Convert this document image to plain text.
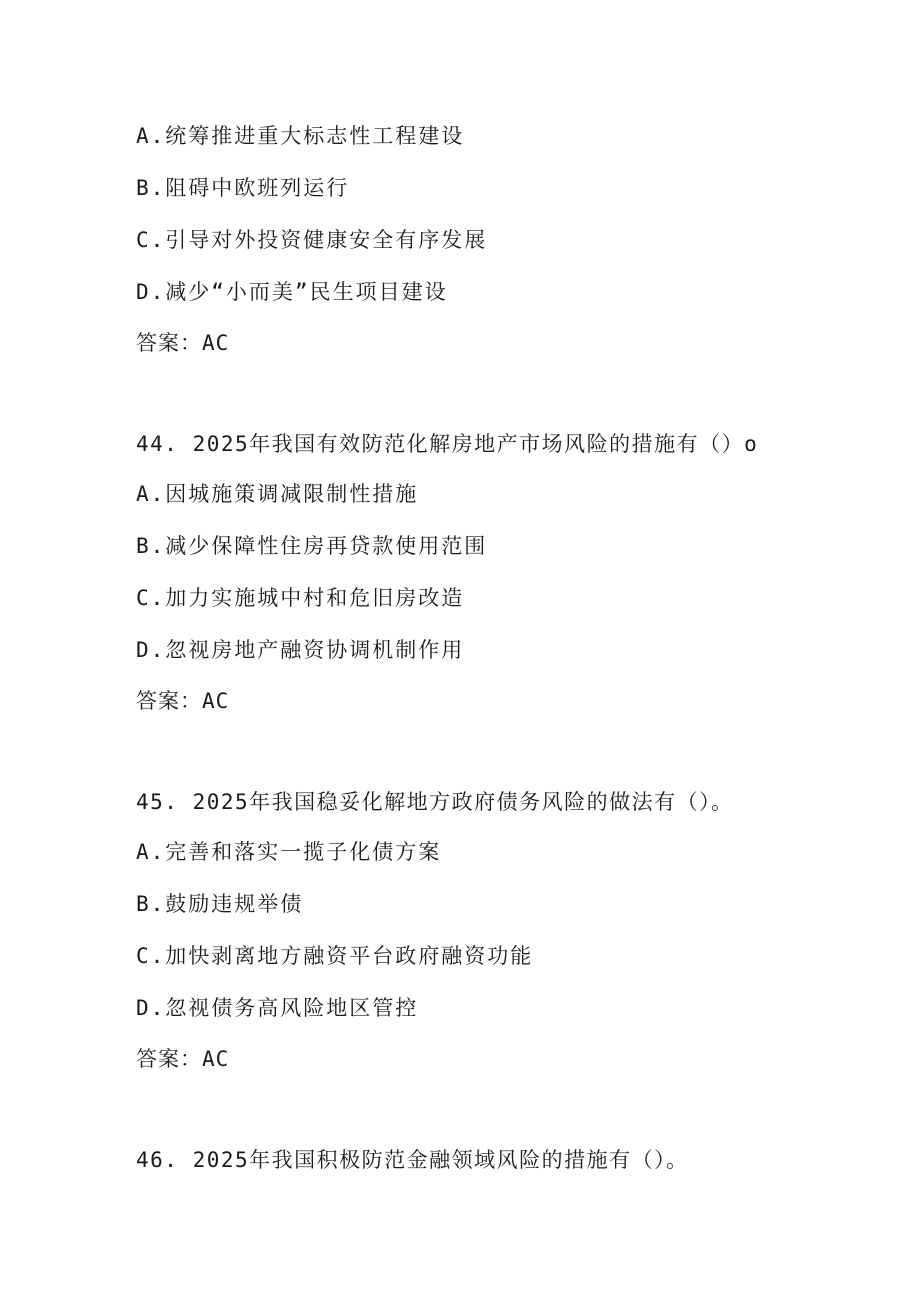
A.统筹推进重大标志性工程建设
B.阻碍中欧班列运行
C.引导对外投资健康安全有序发展
D.减少“小而美”民生项目建设
答案：AC
44. 2025年我国有效防范化解房地产市场风险的措施有（）o
A.因城施策调减限制性措施
B.减少保障性住房再贷款使用范围
C.加力实施城中村和危旧房改造
D.忽视房地产融资协调机制作用
答案：AC
45. 2025年我国稳妥化解地方政府债务风险的做法有（）。
A.完善和落实一揽子化债方案
B.鼓励违规举债
C.加快剥离地方融资平台政府融资功能
D.忽视债务高风险地区管控
答案：AC
46. 2025年我国积极防范金融领域风险的措施有（）。
